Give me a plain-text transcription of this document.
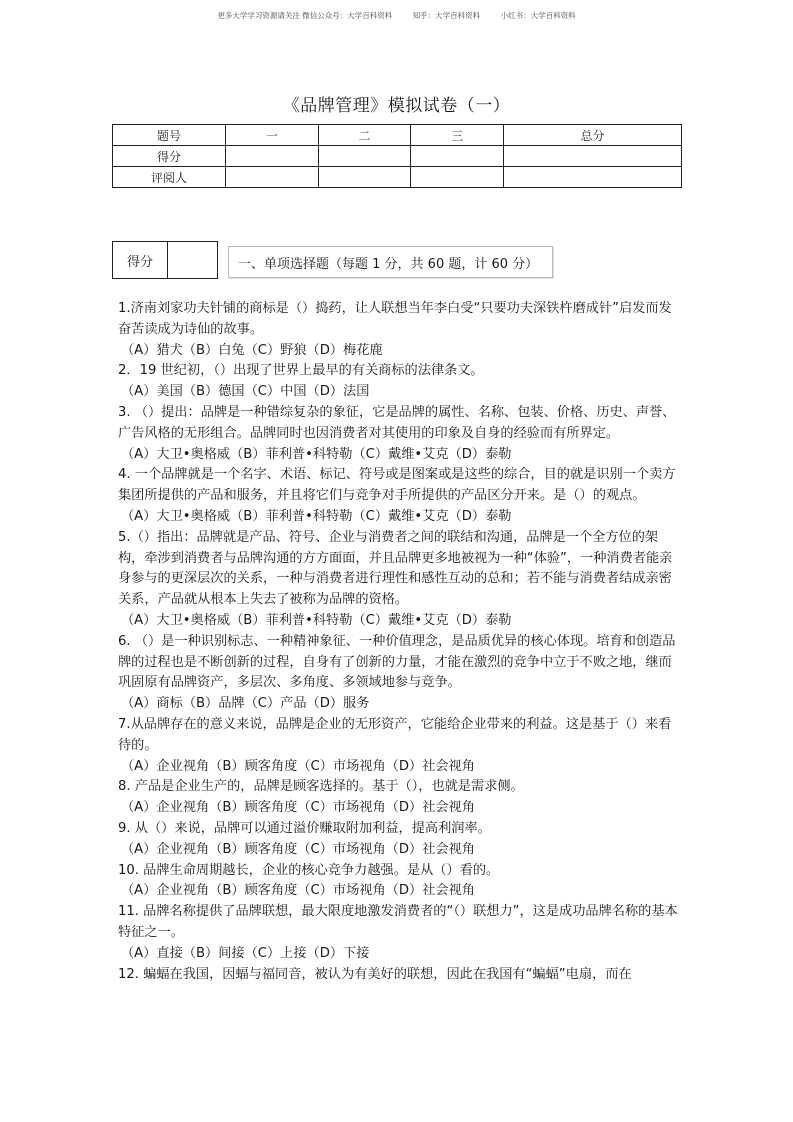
更多大学学习资源请关注 微信公众号：大学百科资料	知乎：大学百科资料	小红书：大学百科资料
《品牌管理》模拟试卷（一）
题号	一	二	三	总分
得分				
评阅人				
得分	一、单项选择题（每题 1 分，共 60 题，计 60 分）

1.济南刘家功夫针铺的商标是（）捣药，让人联想当年李白受“只要功夫深铁杵磨成针”启发而发奋苦读成为诗仙的故事。

（A）猎犬（B）白兔（C）野狼（D）梅花鹿

2．19 世纪初，（）出现了世界上最早的有关商标的法律条文。

（A）美国（B）德国（C）中国（D）法国

3. （）提出：品牌是一种错综复杂的象征，它是品牌的属性、名称、包装、价格、历史、声誉、广告风格的无形组合。品牌同时也因消费者对其使用的印象及自身的经验而有所界定。

（A）大卫•奥格威（B）菲利普•科特勒（C）戴维•艾克（D）泰勒

4. 一个品牌就是一个名字、术语、标记、符号或是图案或是这些的综合，目的就是识别一个卖方集团所提供的产品和服务，并且将它们与竞争对手所提供的产品区分开来。是（）的观点。

（A）大卫•奥格威（B）菲利普•科特勒（C）戴维•艾克（D）泰勒

5.（）指出：品牌就是产品、符号、企业与消费者之间的联结和沟通，品牌是一个全方位的架构，牵涉到消费者与品牌沟通的方方面面，并且品牌更多地被视为一种“体验”，一种消费者能亲身参与的更深层次的关系，一种与消费者进行理性和感性互动的总和；若不能与消费者结成亲密关系，产品就从根本上失去了被称为品牌的资格。

（A）大卫•奥格威（B）菲利普•科特勒（C）戴维•艾克（D）泰勒

6. （）是一种识别标志、一种精神象征、一种价值理念，是品质优异的核心体现。培育和创造品牌的过程也是不断创新的过程，自身有了创新的力量，才能在激烈的竞争中立于不败之地，继而巩固原有品牌资产，多层次、多角度、多领域地参与竞争。

（A）商标（B）品牌（C）产品（D）服务

7.从品牌存在的意义来说，品牌是企业的无形资产，它能给企业带来的利益。这是基于（）来看待的。

（A）企业视角（B）顾客角度（C）市场视角（D）社会视角

8. 产品是企业生产的，品牌是顾客选择的。基于（），也就是需求侧。

（A）企业视角（B）顾客角度（C）市场视角（D）社会视角

9. 从（）来说，品牌可以通过溢价赚取附加利益，提高利润率。

（A）企业视角（B）顾客角度（C）市场视角（D）社会视角

10. 品牌生命周期越长，企业的核心竞争力越强。是从（）看的。

（A）企业视角（B）顾客角度（C）市场视角（D）社会视角

11. 品牌名称提供了品牌联想，最大限度地激发消费者的“（）联想力”，这是成功品牌名称的基本特征之一。

（A）直接（B）间接（C）上接（D）下接

12. 蝙蝠在我国，因蝠与福同音，被认为有美好的联想，因此在我国有“蝙蝠”电扇，而在
